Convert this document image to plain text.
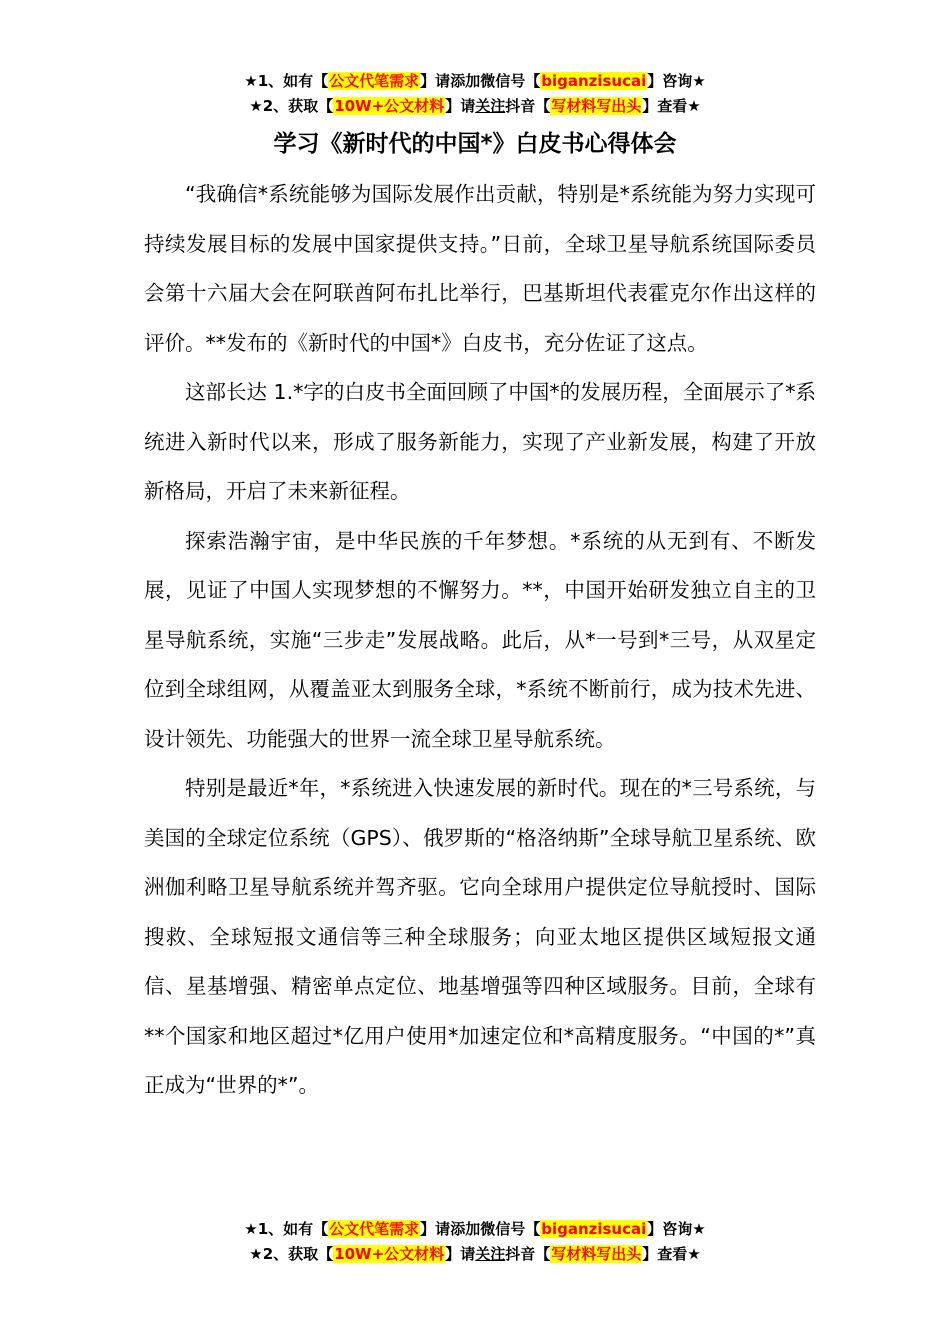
★1、如有【公文代笔需求】请添加微信号【biganzisucai】咨询★
★2、获取【10W+公文材料】请关注抖音【写材料写出头】查看★
学习《新时代的中国*》白皮书心得体会

“我确信*系统能够为国际发展作出贡献，特别是*系统能为努力实现可持续发展目标的发展中国家提供支持。”日前，全球卫星导航系统国际委员会第十六届大会在阿联酋阿布扎比举行，巴基斯坦代表霍克尔作出这样的评价。**发布的《新时代的中国*》白皮书，充分佐证了这点。

这部长达 1.*字的白皮书全面回顾了中国*的发展历程，全面展示了*系统进入新时代以来，形成了服务新能力，实现了产业新发展，构建了开放新格局，开启了未来新征程。

探索浩瀚宇宙，是中华民族的千年梦想。*系统的从无到有、不断发展，见证了中国人实现梦想的不懈努力。**，中国开始研发独立自主的卫星导航系统，实施“三步走”发展战略。此后，从*一号到*三号，从双星定位到全球组网，从覆盖亚太到服务全球，*系统不断前行，成为技术先进、设计领先、功能强大的世界一流全球卫星导航系统。

特别是最近*年，*系统进入快速发展的新时代。现在的*三号系统，与美国的全球定位系统（GPS）、俄罗斯的“格洛纳斯”全球导航卫星系统、欧洲伽利略卫星导航系统并驾齐驱。它向全球用户提供定位导航授时、国际搜救、全球短报文通信等三种全球服务；向亚太地区提供区域短报文通信、星基增强、精密单点定位、地基增强等四种区域服务。目前，全球有**个国家和地区超过*亿用户使用*加速定位和*高精度服务。“中国的*”真正成为“世界的*”。

★1、如有【公文代笔需求】请添加微信号【biganzisucai】咨询★
★2、获取【10W+公文材料】请关注抖音【写材料写出头】查看★
